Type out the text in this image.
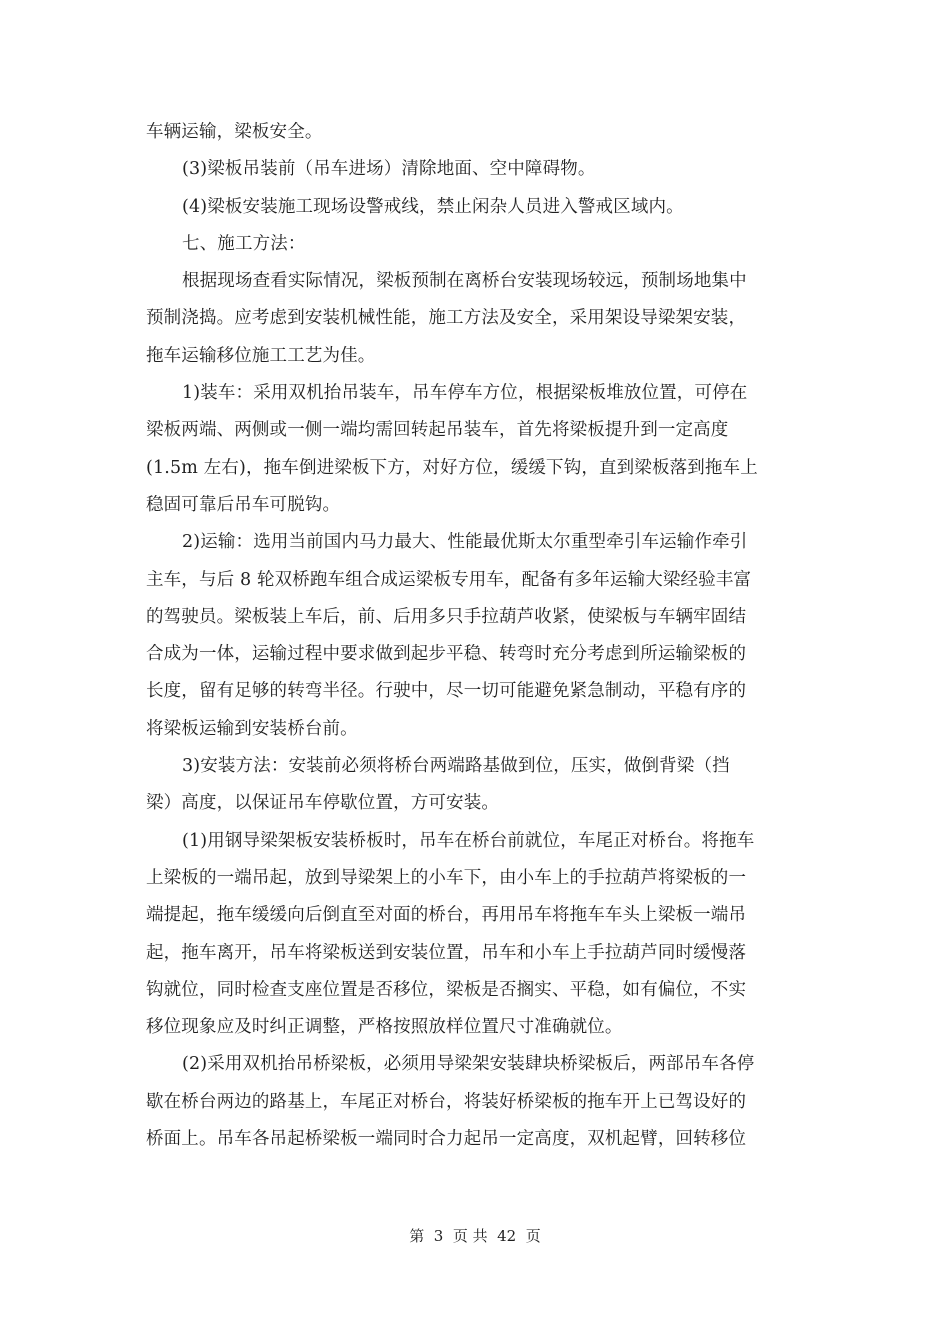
车辆运输，梁板安全。
(3)梁板吊装前（吊车进场）清除地面、空中障碍物。
(4)梁板安装施工现场设警戒线，禁止闲杂人员进入警戒区域内。
七、施工方法：
根据现场查看实际情况，梁板预制在离桥台安装现场较远，预制场地集中
预制浇捣。应考虑到安装机械性能，施工方法及安全，采用架设导梁架安装，
拖车运输移位施工工艺为佳。
1)装车：采用双机抬吊装车，吊车停车方位，根据梁板堆放位置，可停在
梁板两端、两侧或一侧一端均需回转起吊装车，首先将梁板提升到一定高度
(1.5m 左右)，拖车倒进梁板下方，对好方位，缓缓下钩，直到梁板落到拖车上
稳固可靠后吊车可脱钩。
2)运输：选用当前国内马力最大、性能最优斯太尔重型牵引车运输作牵引
主车，与后 8 轮双桥跑车组合成运梁板专用车，配备有多年运输大梁经验丰富
的驾驶员。梁板装上车后，前、后用多只手拉葫芦收紧，使梁板与车辆牢固结
合成为一体，运输过程中要求做到起步平稳、转弯时充分考虑到所运输梁板的
长度，留有足够的转弯半径。行驶中，尽一切可能避免紧急制动，平稳有序的
将梁板运输到安装桥台前。
3)安装方法：安装前必须将桥台两端路基做到位，压实，做倒背梁（挡
梁）高度，以保证吊车停歇位置，方可安装。
(1)用钢导梁架板安装桥板时，吊车在桥台前就位，车尾正对桥台。将拖车
上梁板的一端吊起，放到导梁架上的小车下，由小车上的手拉葫芦将梁板的一
端提起，拖车缓缓向后倒直至对面的桥台，再用吊车将拖车车头上梁板一端吊
起，拖车离开，吊车将梁板送到安装位置，吊车和小车上手拉葫芦同时缓慢落
钩就位，同时检查支座位置是否移位，梁板是否搁实、平稳，如有偏位，不实
移位现象应及时纠正调整，严格按照放样位置尺寸准确就位。
(2)采用双机抬吊桥梁板，必须用导梁架安装肆块桥梁板后，两部吊车各停
歇在桥台两边的路基上，车尾正对桥台，将装好桥梁板的拖车开上已驾设好的
桥面上。吊车各吊起桥梁板一端同时合力起吊一定高度，双机起臂，回转移位
第  3  页 共  42  页
